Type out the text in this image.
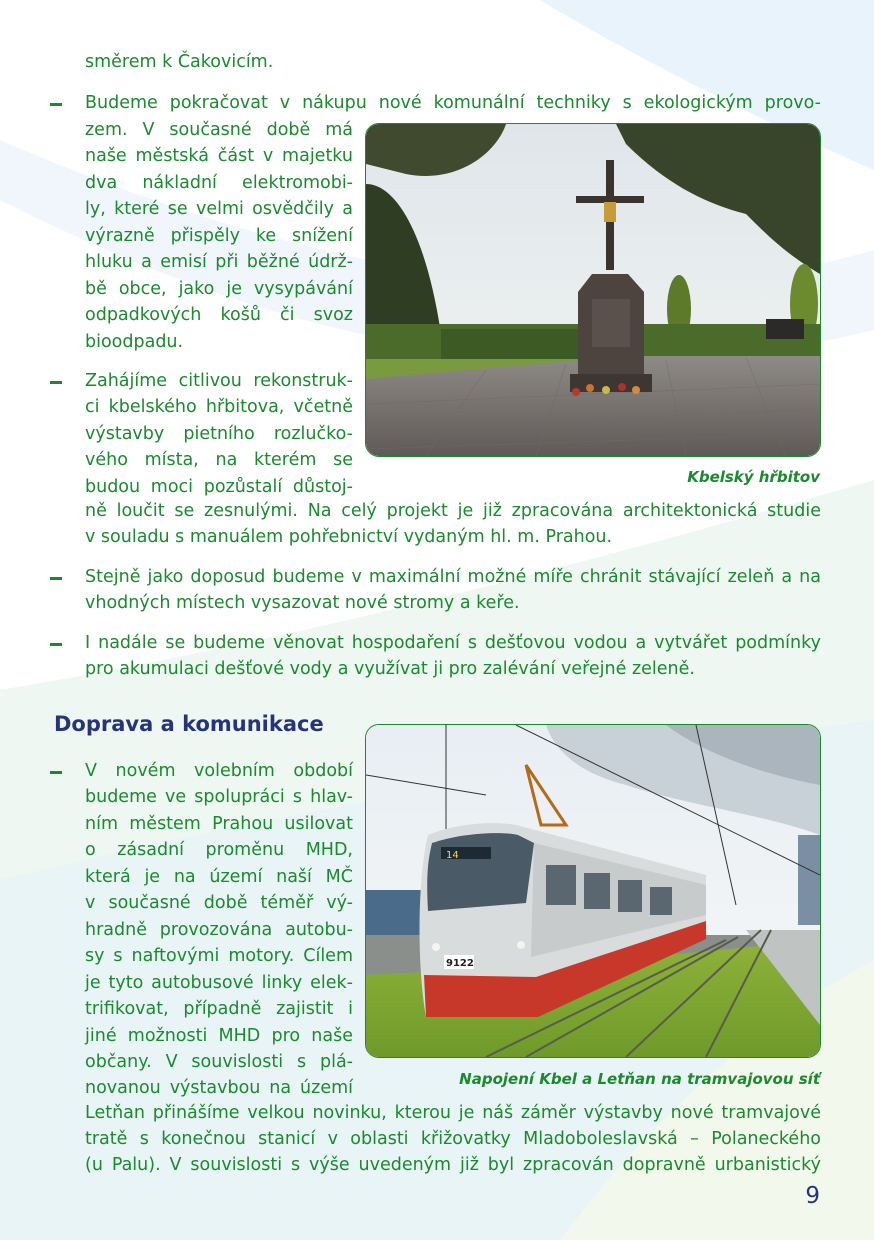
směrem k Čakovicím.
Budeme pokračovat v nákupu nové komunální techniky s ekologickým provo-
zem. V současné době má
naše městská část v majetku
dva nákladní elektromobi-
ly, které se velmi osvědčily a
výrazně přispěly ke snížení
hluku a emisí při běžné údrž-
bě obce, jako je vysypávání
odpadkových košů či svoz
bioodpadu.
Zahájíme citlivou rekonstruk-
ci kbelského hřbitova, včetně
výstavby pietního rozlučko-
vého místa, na kterém se
budou moci pozůstalí důstoj-
ně loučit se zesnulými. Na celý projekt je již zpracována architektonická studie
v souladu s manuálem pohřebnictví vydaným hl. m. Prahou.
Stejně jako doposud budeme v maximální možné míře chránit stávající zeleň a na
vhodných místech vysazovat nové stromy a keře.
I nadále se budeme věnovat hospodaření s dešťovou vodou a vytvářet podmínky
pro akumulaci dešťové vody a využívat ji pro zalévání veřejné zeleně.
Kbelský hřbitov
Doprava a komunikace
V novém volebním období
budeme ve spolupráci s hlav-
ním městem Prahou usilovat
o zásadní proměnu MHD,
která je na území naší MČ
v současné době téměř vý-
hradně provozována autobu-
sy s naftovými motory. Cílem
je tyto autobusové linky elek-
trifikovat, případně zajistit i
jiné možnosti MHD pro naše
občany. V souvislosti s plá-
novanou výstavbou na území
Letňan přinášíme velkou novinku, kterou je náš záměr výstavby nové tramvajové
tratě s konečnou stanicí v oblasti křižovatky Mladoboleslavská – Polaneckého
(u Palu). V souvislosti s výše uvedeným již byl zpracován dopravně urbanistický
14
9122
Napojení Kbel a Letňan na tramvajovou síť
9
